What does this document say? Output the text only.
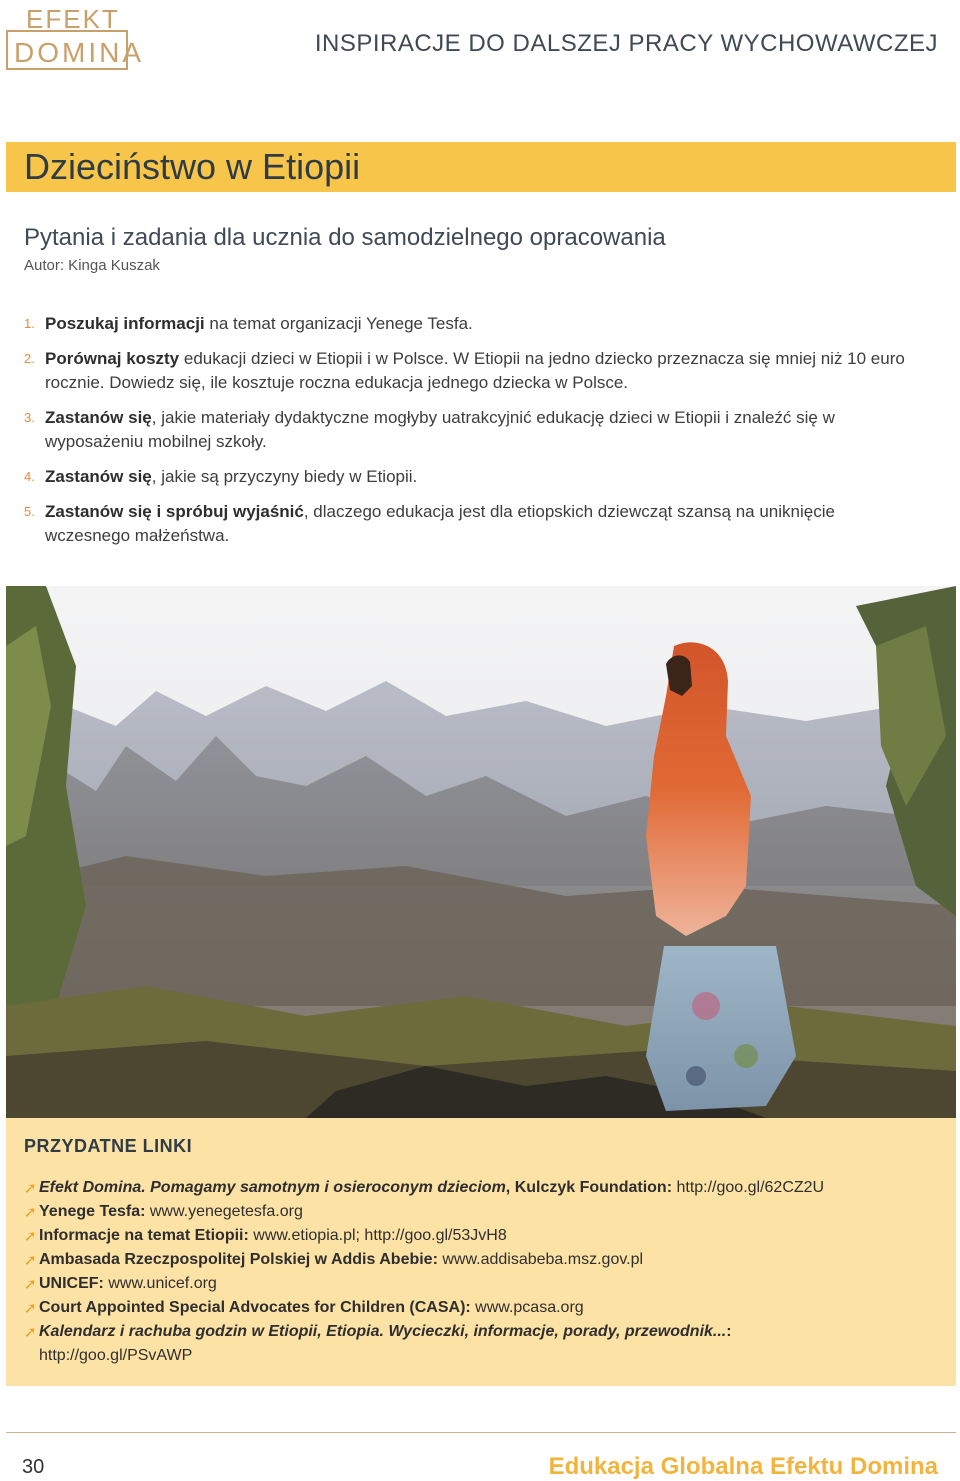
EFEKT
DOMINA	INSPIRACJE DO DALSZEJ PRACY WYCHOWAWCZEJ
Dzieciństwo w Etiopii
Pytania i zadania dla ucznia do samodzielnego opracowania
Autor: Kinga Kuszak
1. Poszukaj informacji na temat organizacji Yenege Tesfa.
2. Porównaj koszty edukacji dzieci w Etiopii i w Polsce. W Etiopii na jedno dziecko przeznacza się mniej niż 10 euro rocznie. Dowiedz się, ile kosztuje roczna edukacja jednego dziecka w Polsce.
3. Zastanów się, jakie materiały dydaktyczne mogłyby uatrakcyjnić edukację dzieci w Etiopii i znaleźć się w wyposażeniu mobilnej szkoły.
4. Zastanów się, jakie są przyczyny biedy w Etiopii.
5. Zastanów się i spróbuj wyjaśnić, dlaczego edukacja jest dla etiopskich dziewcząt szansą na uniknięcie wczesnego małżeństwa.
PRZYDATNE LINKI
➚ Efekt Domina. Pomagamy samotnym i osieroconym dzieciom, Kulczyk Foundation: http://goo.gl/62CZ2U
➚ Yenege Tesfa: www.yenegetesfa.org
➚ Informacje na temat Etiopii: www.etiopia.pl; http://goo.gl/53JvH8
➚ Ambasada Rzeczpospolitej Polskiej w Addis Abebie: www.addisabeba.msz.gov.pl
➚ UNICEF: www.unicef.org
➚ Court Appointed Special Advocates for Children (CASA): www.pcasa.org
➚ Kalendarz i rachuba godzin w Etiopii, Etiopia. Wycieczki, informacje, porady, przewodnik...:
http://goo.gl/PSvAWP
30	Edukacja Globalna Efektu Domina
